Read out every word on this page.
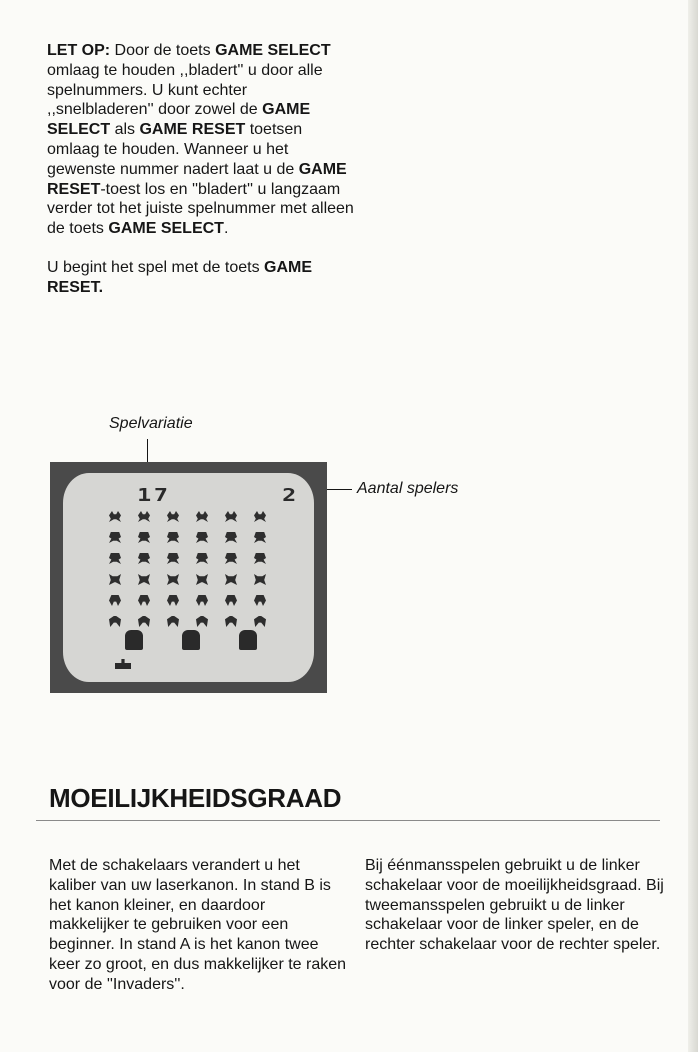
LET OP: Door de toets GAME SELECT omlaag te houden ,,bladert'' u door alle spelnummers. U kunt echter ,,snelbladeren'' door zowel de GAME SELECT als GAME RESET toetsen omlaag te houden. Wanneer u het gewenste nummer nadert laat u de GAME RESET-toest los en ''bladert'' u langzaam verder tot het juiste spelnummer met alleen de toets GAME SELECT.

U begint het spel met de toets GAME RESET.

Spelvariatie
Aantal spelers
17	2
MOEILIJKHEIDSGRAAD

Met de schakelaars verandert u het kaliber van uw laserkanon. In stand B is het kanon kleiner, en daardoor makkelijker te gebruiken voor een beginner. In stand A is het kanon twee keer zo groot, en dus makkelijker te raken voor de ''Invaders''.

Bij éénmansspelen gebruikt u de linker schakelaar voor de moeilijkheidsgraad. Bij tweemansspelen gebruikt u de linker schakelaar voor de linker speler, en de rechter schakelaar voor de rechter speler.
